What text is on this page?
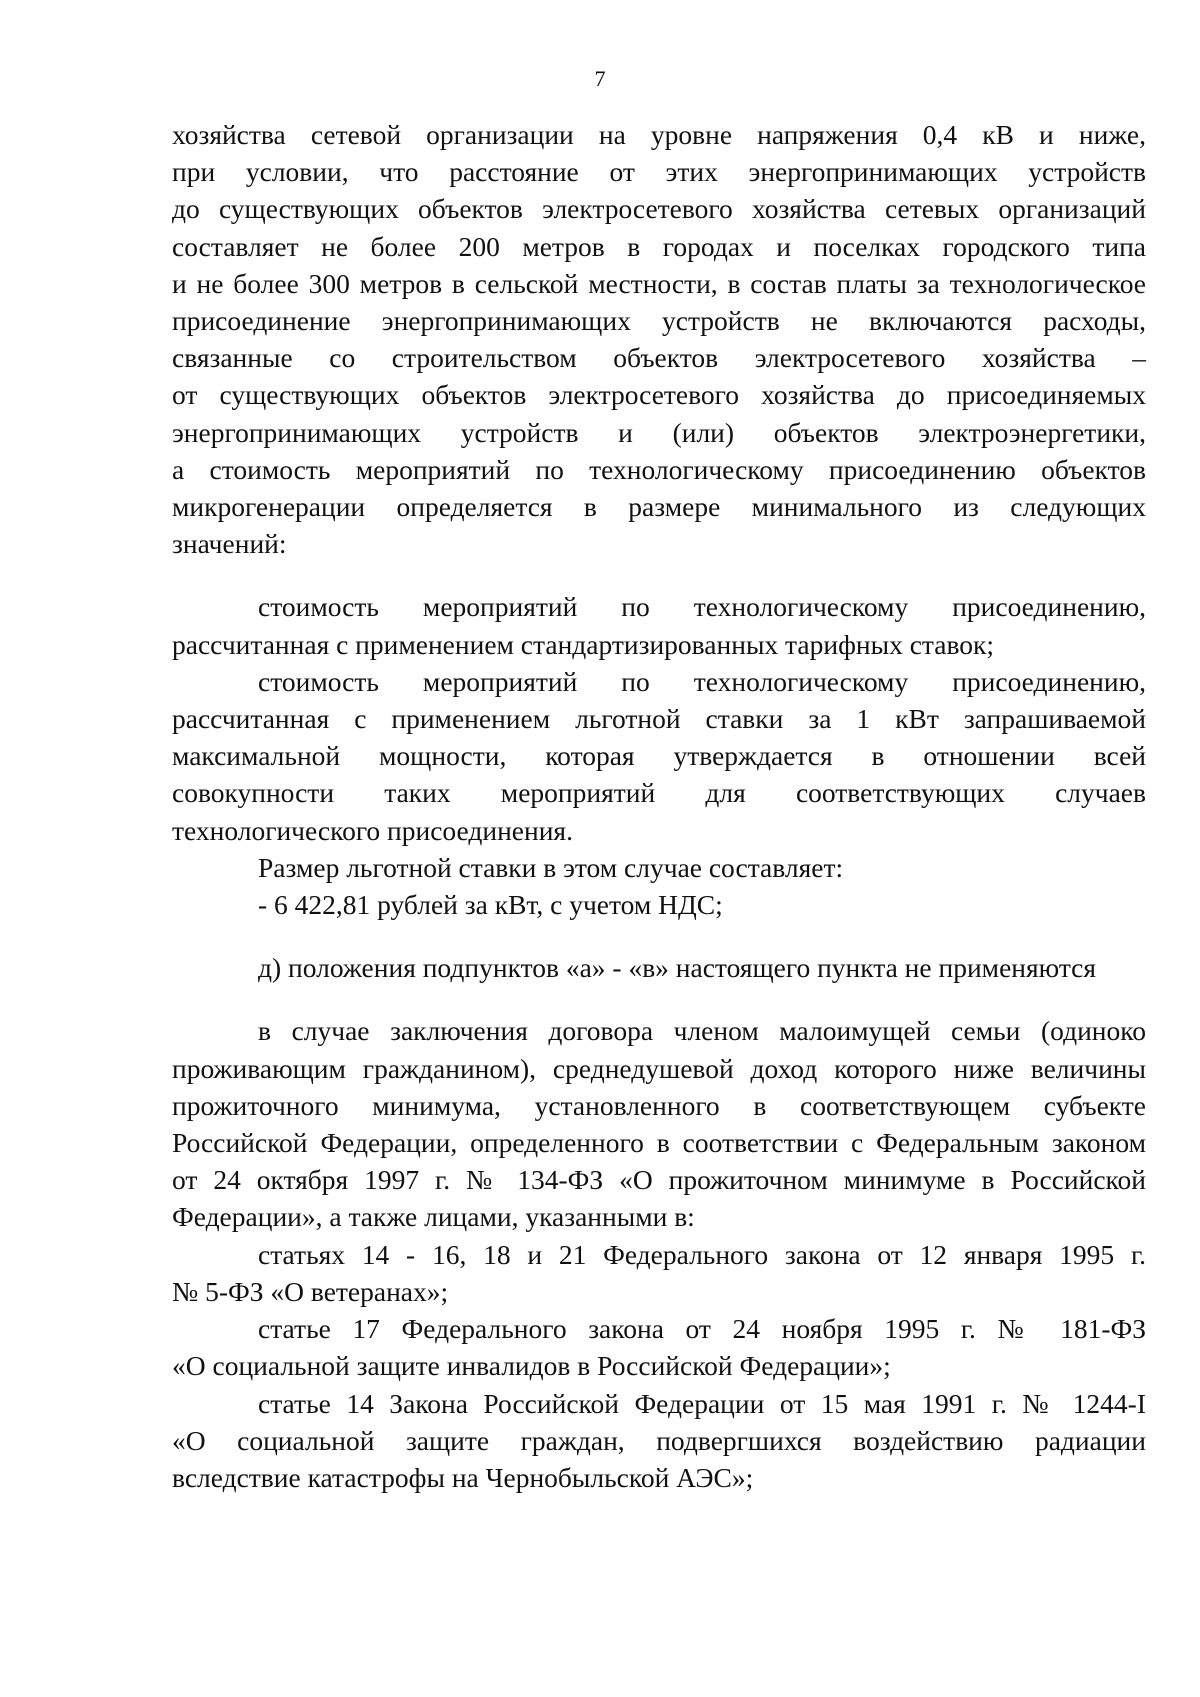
7

хозяйства сетевой организации на уровне напряжения 0,4 кВ и ниже,

при условии, что расстояние от этих энергопринимающих устройств

до существующих объектов электросетевого хозяйства сетевых организаций

составляет не более 200 метров в городах и поселках городского типа

и не более 300 метров в сельской местности, в состав платы за технологическое

присоединение энергопринимающих устройств не включаются расходы,

связанные со строительством объектов электросетевого хозяйства –

от существующих объектов электросетевого хозяйства до присоединяемых

энергопринимающих устройств и (или) объектов электроэнергетики,

а стоимость мероприятий по технологическому присоединению объектов

микрогенерации определяется в размере минимального из следующих

значений:

стоимость мероприятий по технологическому присоединению,

рассчитанная с применением стандартизированных тарифных ставок;

стоимость мероприятий по технологическому присоединению,

рассчитанная с применением льготной ставки за 1 кВт запрашиваемой

максимальной мощности, которая утверждается в отношении всей

совокупности таких мероприятий для соответствующих случаев

технологического присоединения.

Размер льготной ставки в этом случае составляет:

- 6 422,81 рублей за кВт, с учетом НДС;

д) положения подпунктов «а» - «в» настоящего пункта не применяются

в случае заключения договора членом малоимущей семьи (одиноко

проживающим гражданином), среднедушевой доход которого ниже величины

прожиточного минимума, установленного в соответствующем субъекте

Российской Федерации, определенного в соответствии с Федеральным законом

от 24 октября 1997 г. № 134-ФЗ «О прожиточном минимуме в Российской

Федерации», а также лицами, указанными в:

статьях 14 - 16, 18 и 21 Федерального закона от 12 января 1995 г.

№ 5-ФЗ «О ветеранах»;

статье 17 Федерального закона от 24 ноября 1995 г. № 181-ФЗ

«О социальной защите инвалидов в Российской Федерации»;

статье 14 Закона Российской Федерации от 15 мая 1991 г. № 1244-I

«О социальной защите граждан, подвергшихся воздействию радиации

вследствие катастрофы на Чернобыльской АЭС»;
